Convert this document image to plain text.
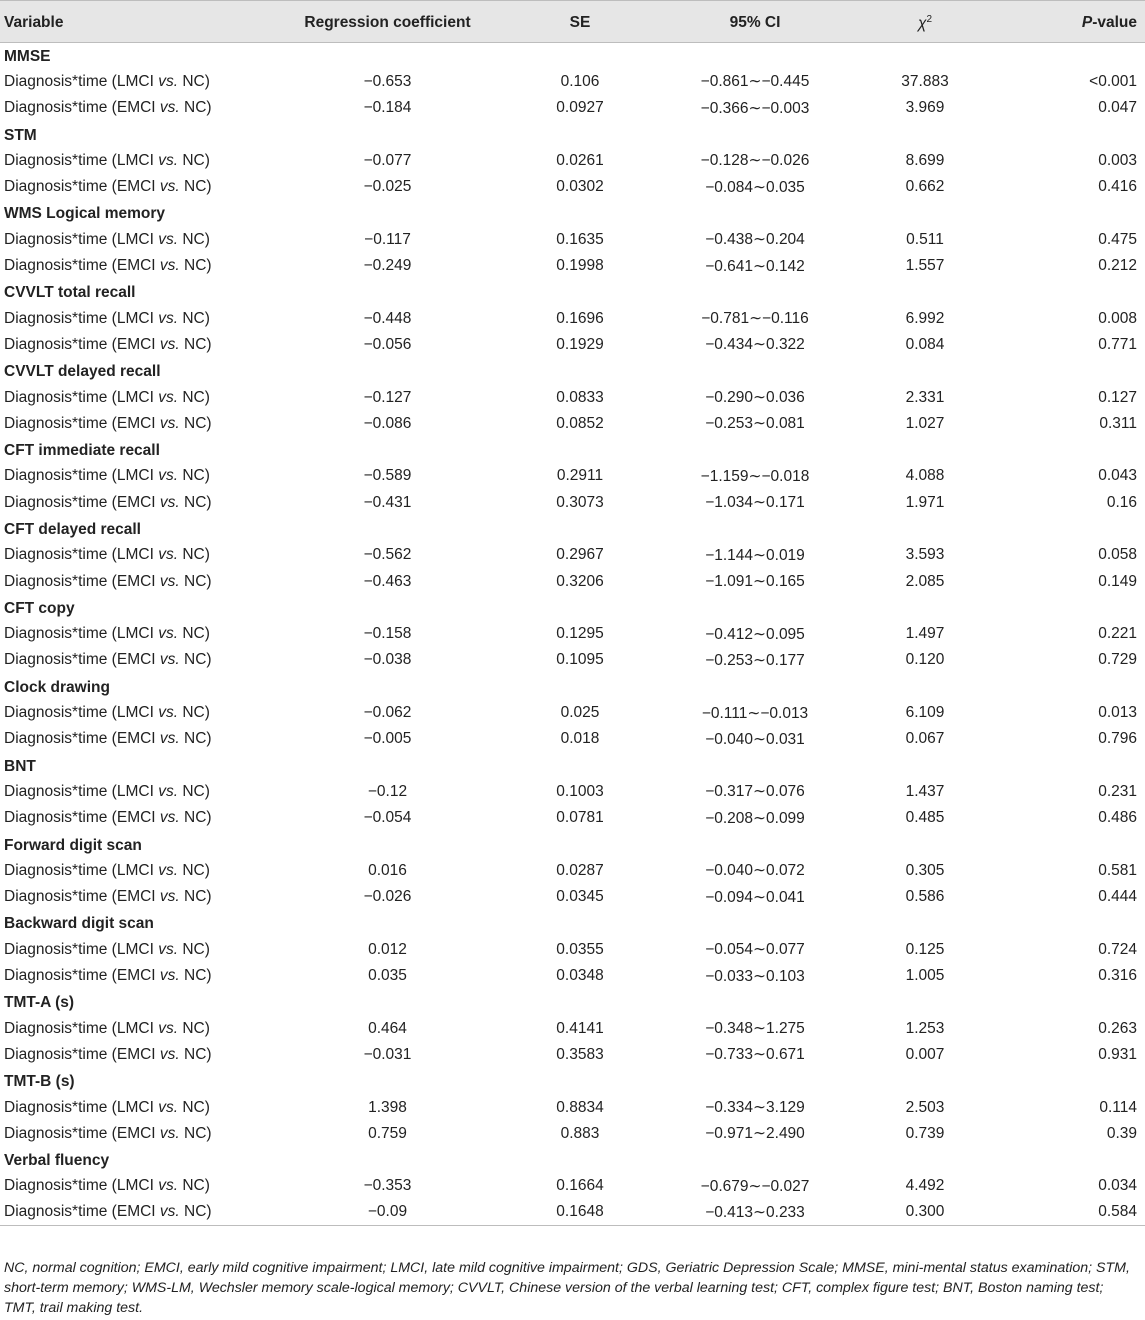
Variable	Regression coefficient	SE	95% CI	$\chi^2$	P-value
MMSE					
Diagnosis*time (LMCI vs. NC)	−0.653	0.106	−0.861∼−0.445	37.883	<0.001
Diagnosis*time (EMCI vs. NC)	−0.184	0.0927	−0.366∼−0.003	3.969	0.047
STM					
Diagnosis*time (LMCI vs. NC)	−0.077	0.0261	−0.128∼−0.026	8.699	0.003
Diagnosis*time (EMCI vs. NC)	−0.025	0.0302	−0.084∼0.035	0.662	0.416
WMS Logical memory					
Diagnosis*time (LMCI vs. NC)	−0.117	0.1635	−0.438∼0.204	0.511	0.475
Diagnosis*time (EMCI vs. NC)	−0.249	0.1998	−0.641∼0.142	1.557	0.212
CVVLT total recall					
Diagnosis*time (LMCI vs. NC)	−0.448	0.1696	−0.781∼−0.116	6.992	0.008
Diagnosis*time (EMCI vs. NC)	−0.056	0.1929	−0.434∼0.322	0.084	0.771
CVVLT delayed recall					
Diagnosis*time (LMCI vs. NC)	−0.127	0.0833	−0.290∼0.036	2.331	0.127
Diagnosis*time (EMCI vs. NC)	−0.086	0.0852	−0.253∼0.081	1.027	0.311
CFT immediate recall					
Diagnosis*time (LMCI vs. NC)	−0.589	0.2911	−1.159∼−0.018	4.088	0.043
Diagnosis*time (EMCI vs. NC)	−0.431	0.3073	−1.034∼0.171	1.971	0.16
CFT delayed recall					
Diagnosis*time (LMCI vs. NC)	−0.562	0.2967	−1.144∼0.019	3.593	0.058
Diagnosis*time (EMCI vs. NC)	−0.463	0.3206	−1.091∼0.165	2.085	0.149
CFT copy					
Diagnosis*time (LMCI vs. NC)	−0.158	0.1295	−0.412∼0.095	1.497	0.221
Diagnosis*time (EMCI vs. NC)	−0.038	0.1095	−0.253∼0.177	0.120	0.729
Clock drawing					
Diagnosis*time (LMCI vs. NC)	−0.062	0.025	−0.111∼−0.013	6.109	0.013
Diagnosis*time (EMCI vs. NC)	−0.005	0.018	−0.040∼0.031	0.067	0.796
BNT					
Diagnosis*time (LMCI vs. NC)	−0.12	0.1003	−0.317∼0.076	1.437	0.231
Diagnosis*time (EMCI vs. NC)	−0.054	0.0781	−0.208∼0.099	0.485	0.486
Forward digit scan					
Diagnosis*time (LMCI vs. NC)	0.016	0.0287	−0.040∼0.072	0.305	0.581
Diagnosis*time (EMCI vs. NC)	−0.026	0.0345	−0.094∼0.041	0.586	0.444
Backward digit scan					
Diagnosis*time (LMCI vs. NC)	0.012	0.0355	−0.054∼0.077	0.125	0.724
Diagnosis*time (EMCI vs. NC)	0.035	0.0348	−0.033∼0.103	1.005	0.316
TMT-A (s)					
Diagnosis*time (LMCI vs. NC)	0.464	0.4141	−0.348∼1.275	1.253	0.263
Diagnosis*time (EMCI vs. NC)	−0.031	0.3583	−0.733∼0.671	0.007	0.931
TMT-B (s)					
Diagnosis*time (LMCI vs. NC)	1.398	0.8834	−0.334∼3.129	2.503	0.114
Diagnosis*time (EMCI vs. NC)	0.759	0.883	−0.971∼2.490	0.739	0.39
Verbal fluency					
Diagnosis*time (LMCI vs. NC)	−0.353	0.1664	−0.679∼−0.027	4.492	0.034
Diagnosis*time (EMCI vs. NC)	−0.09	0.1648	−0.413∼0.233	0.300	0.584
NC, normal cognition; EMCI, early mild cognitive impairment; LMCI, late mild cognitive impairment; GDS, Geriatric Depression Scale; MMSE, mini-mental status examination; STM, short-term memory; WMS-LM, Wechsler memory scale-logical memory; CVVLT, Chinese version of the verbal learning test; CFT, complex figure test; BNT, Boston naming test; TMT, trail making test.
